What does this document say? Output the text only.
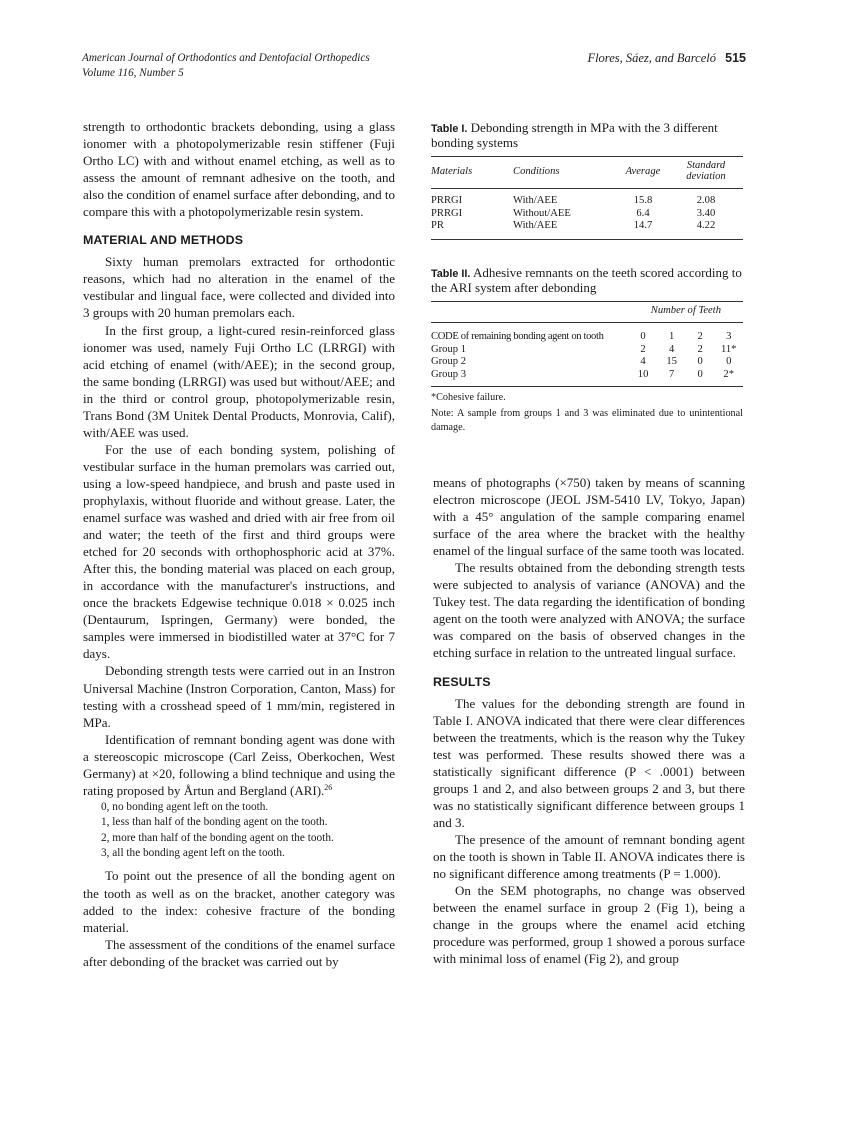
American Journal of Orthodontics and Dentofacial Orthopedics
Volume 116, Number 5
Flores, Sáez, and Barceló 515

strength to orthodontic brackets debonding, using a glass ionomer with a photopolymerizable resin stiffener (Fuji Ortho LC) with and without enamel etching, as well as to assess the amount of remnant adhesive on the tooth, and also the condition of enamel surface after debonding, and to compare this with a photopolymerizable resin system.

MATERIAL AND METHODS

Sixty human premolars extracted for orthodontic reasons, which had no alteration in the enamel of the vestibular and lingual face, were collected and divided into 3 groups with 20 human premolars each.

In the first group, a light-cured resin-reinforced glass ionomer was used, namely Fuji Ortho LC (LRRGI) with acid etching of enamel (with/AEE); in the second group, the same bonding (LRRGI) was used but without/AEE; and in the third or control group, photopolymerizable resin, Trans Bond (3M Unitek Dental Products, Monrovia, Calif), with/AEE was used.

For the use of each bonding system, polishing of vestibular surface in the human premolars was carried out, using a low-speed handpiece, and brush and paste used in prophylaxis, without fluoride and without grease. Later, the enamel surface was washed and dried with air free from oil and water; the teeth of the first and third groups were etched for 20 seconds with orthophosphoric acid at 37%. After this, the bonding material was placed on each group, in accordance with the manufacturer's instructions, and once the brackets Edgewise technique 0.018 × 0.025 inch (Dentaurum, Ispringen, Germany) were bonded, the samples were immersed in biodistilled water at 37°C for 7 days.

Debonding strength tests were carried out in an Instron Universal Machine (Instron Corporation, Canton, Mass) for testing with a crosshead speed of 1 mm/min, registered in MPa.

Identification of remnant bonding agent was done with a stereoscopic microscope (Carl Zeiss, Oberkochen, West Germany) at ×20, following a blind technique and using the rating proposed by Årtun and Bergland (ARI).$^{26}$

0, no bonding agent left on the tooth.
1, less than half of the bonding agent on the tooth.
2, more than half of the bonding agent on the tooth.
3, all the bonding agent left on the tooth.

To point out the presence of all the bonding agent on the tooth as well as on the bracket, another category was added to the index: cohesive fracture of the bonding material.

The assessment of the conditions of the enamel surface after debonding of the bracket was carried out by

Table I. Debonding strength in MPa with the 3 different bonding systems
Materials	Conditions	Average	Standard deviation
PRRGI	With/AEE	15.8	2.08
PRRGI	Without/AEE	6.4	3.40
PR	With/AEE	14.7	4.22
Table II. Adhesive remnants on the teeth scored according to the ARI system after debonding
	Number of Teeth			
CODE of remaining bonding agent on tooth	0	1	2	3
Group 1	2	4	2	11*
Group 2	4	15	0	0
Group 3	10	7	0	2*
*Cohesive failure.
Note: A sample from groups 1 and 3 was eliminated due to unintentional damage.

means of photographs (×750) taken by means of scanning electron microscope (JEOL JSM-5410 LV, Tokyo, Japan) with a 45° angulation of the sample comparing enamel surface of the area where the bracket with the healthy enamel of the lingual surface of the same tooth was located.

The results obtained from the debonding strength tests were subjected to analysis of variance (ANOVA) and the Tukey test. The data regarding the identification of bonding agent on the tooth were analyzed with ANOVA; the surface was compared on the basis of observed changes in the etching surface in relation to the untreated lingual surface.

RESULTS

The values for the debonding strength are found in Table I. ANOVA indicated that there were clear differences between the treatments, which is the reason why the Tukey test was performed. These results showed there was a statistically significant difference (P < .0001) between groups 1 and 2, and also between groups 2 and 3, but there was no statistically significant difference between groups 1 and 3.

The presence of the amount of remnant bonding agent on the tooth is shown in Table II. ANOVA indicates there is no significant difference among treatments (P = 1.000).

On the SEM photographs, no change was observed between the enamel surface in group 2 (Fig 1), being a change in the groups where the enamel acid etching procedure was performed, group 1 showed a porous surface with minimal loss of enamel (Fig 2), and group
